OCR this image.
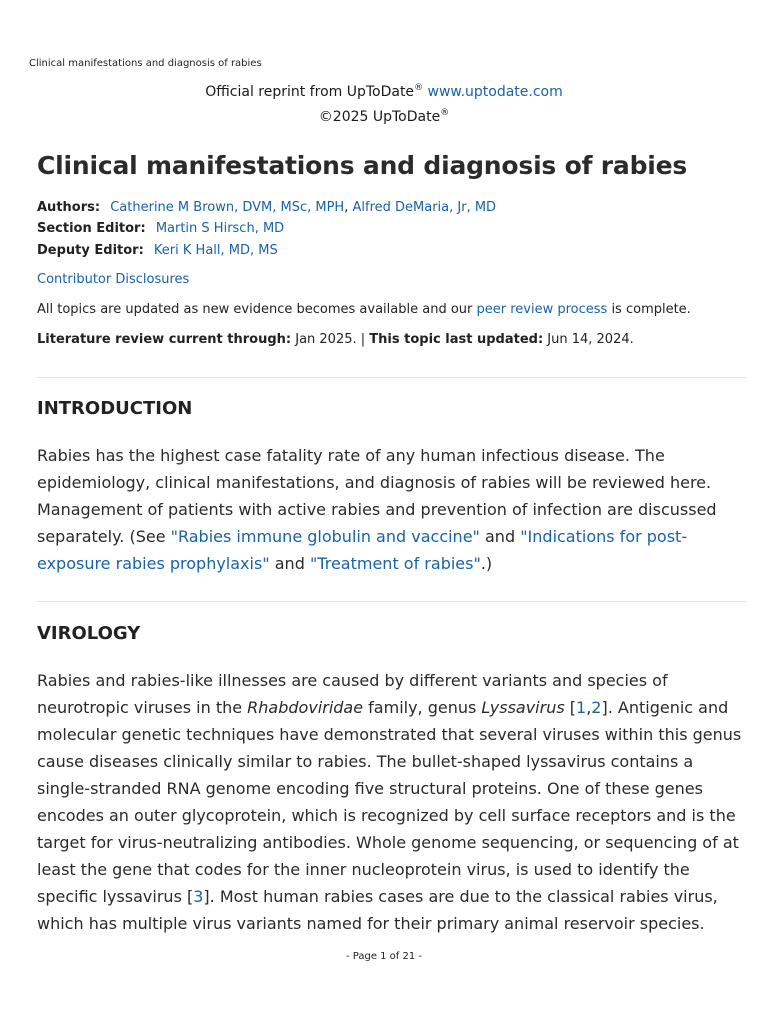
Clinical manifestations and diagnosis of rabies
Official reprint from UpToDate® www.uptodate.com
©2025 UpToDate®
Clinical manifestations and diagnosis of rabies
Authors: Catherine M Brown, DVM, MSc, MPH, Alfred DeMaria, Jr, MD
Section Editor: Martin S Hirsch, MD
Deputy Editor: Keri K Hall, MD, MS
Contributor Disclosures
All topics are updated as new evidence becomes available and our peer review process is complete.
Literature review current through: Jan 2025. | This topic last updated: Jun 14, 2024.
INTRODUCTION

Rabies has the highest case fatality rate of any human infectious disease. The epidemiology, clinical manifestations, and diagnosis of rabies will be reviewed here. Management of patients with active rabies and prevention of infection are discussed separately. (See "Rabies immune globulin and vaccine" and "Indications for post-exposure rabies prophylaxis" and "Treatment of rabies".)

VIROLOGY

Rabies and rabies-like illnesses are caused by different variants and species of neurotropic viruses in the Rhabdoviridae family, genus Lyssavirus [1,2]. Antigenic and molecular genetic techniques have demonstrated that several viruses within this genus cause diseases clinically similar to rabies. The bullet-shaped lyssavirus contains a single-stranded RNA genome encoding five structural proteins. One of these genes encodes an outer glycoprotein, which is recognized by cell surface receptors and is the target for virus-neutralizing antibodies. Whole genome sequencing, or sequencing of at least the gene that codes for the inner nucleoprotein virus, is used to identify the specific lyssavirus [3]. Most human rabies cases are due to the classical rabies virus, which has multiple virus variants named for their primary animal reservoir species.

- Page 1 of 21 -
